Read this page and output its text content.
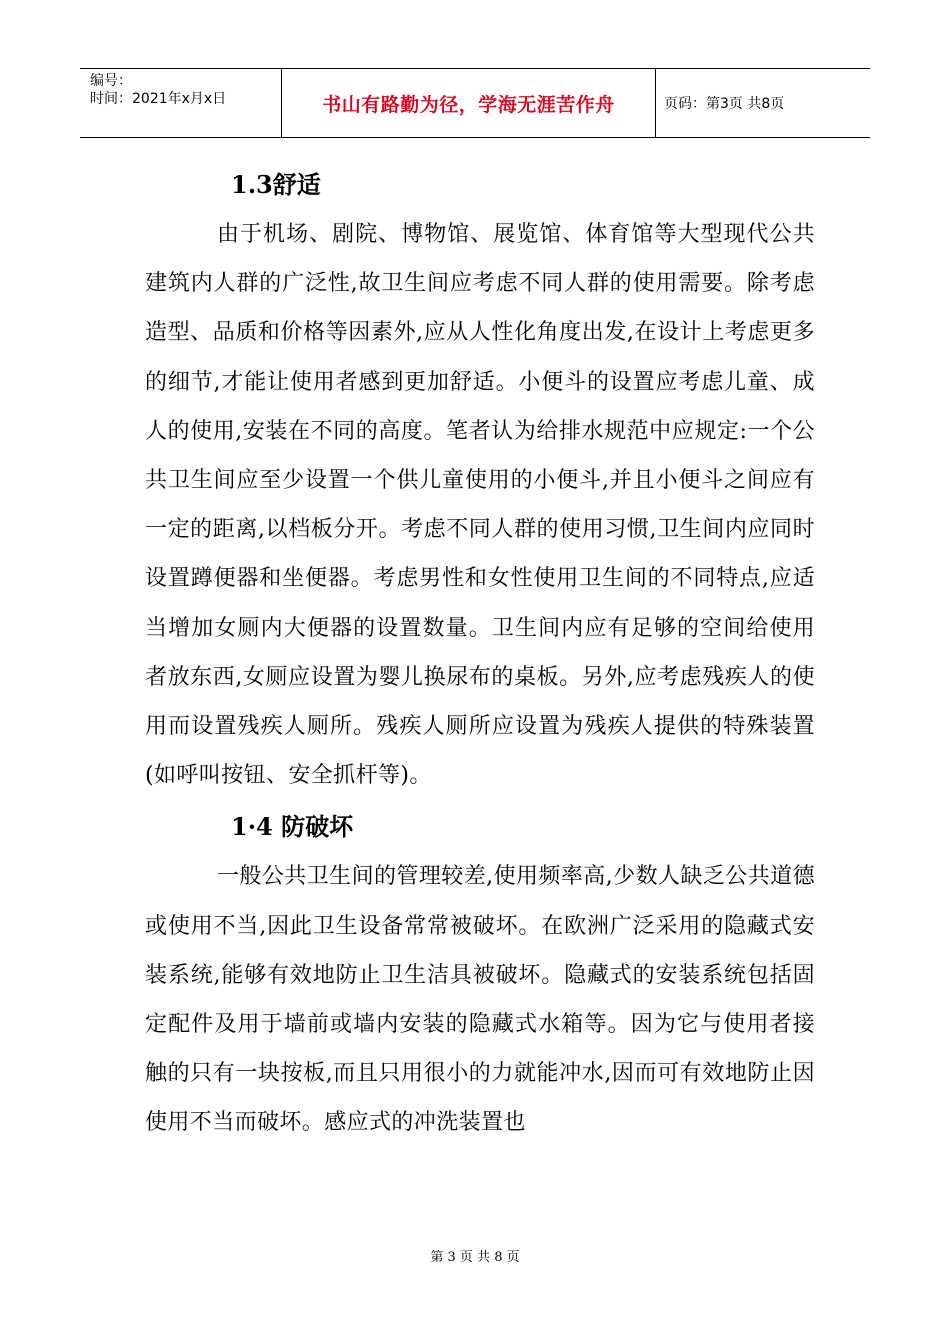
编号：
时间：2021年x月x日	书山有路勤为径，学海无涯苦作舟	页码：第3页 共8页
1.3舒适

由于机场、剧院、博物馆、展览馆、体育馆等大型现代公共建筑内人群的广泛性,故卫生间应考虑不同人群的使用需要。除考虑造型、品质和价格等因素外,应从人性化角度出发,在设计上考虑更多的细节,才能让使用者感到更加舒适。小便斗的设置应考虑儿童、成人的使用,安装在不同的高度。笔者认为给排水规范中应规定:一个公共卫生间应至少设置一个供儿童使用的小便斗,并且小便斗之间应有一定的距离,以档板分开。考虑不同人群的使用习惯,卫生间内应同时设置蹲便器和坐便器。考虑男性和女性使用卫生间的不同特点,应适当增加女厕内大便器的设置数量。卫生间内应有足够的空间给使用者放东西,女厕应设置为婴儿换尿布的桌板。另外,应考虑残疾人的使用而设置残疾人厕所。残疾人厕所应设置为残疾人提供的特殊装置(如呼叫按钮、安全抓杆等)。

1·4 防破坏

一般公共卫生间的管理较差,使用频率高,少数人缺乏公共道德或使用不当,因此卫生设备常常被破坏。在欧洲广泛采用的隐藏式安装系统,能够有效地防止卫生洁具被破坏。隐藏式的安装系统包括固定配件及用于墙前或墙内安装的隐藏式水箱等。因为它与使用者接触的只有一块按板,而且只用很小的力就能冲水,因而可有效地防止因使用不当而破坏。感应式的冲洗装置也

第 3 页 共 8 页
